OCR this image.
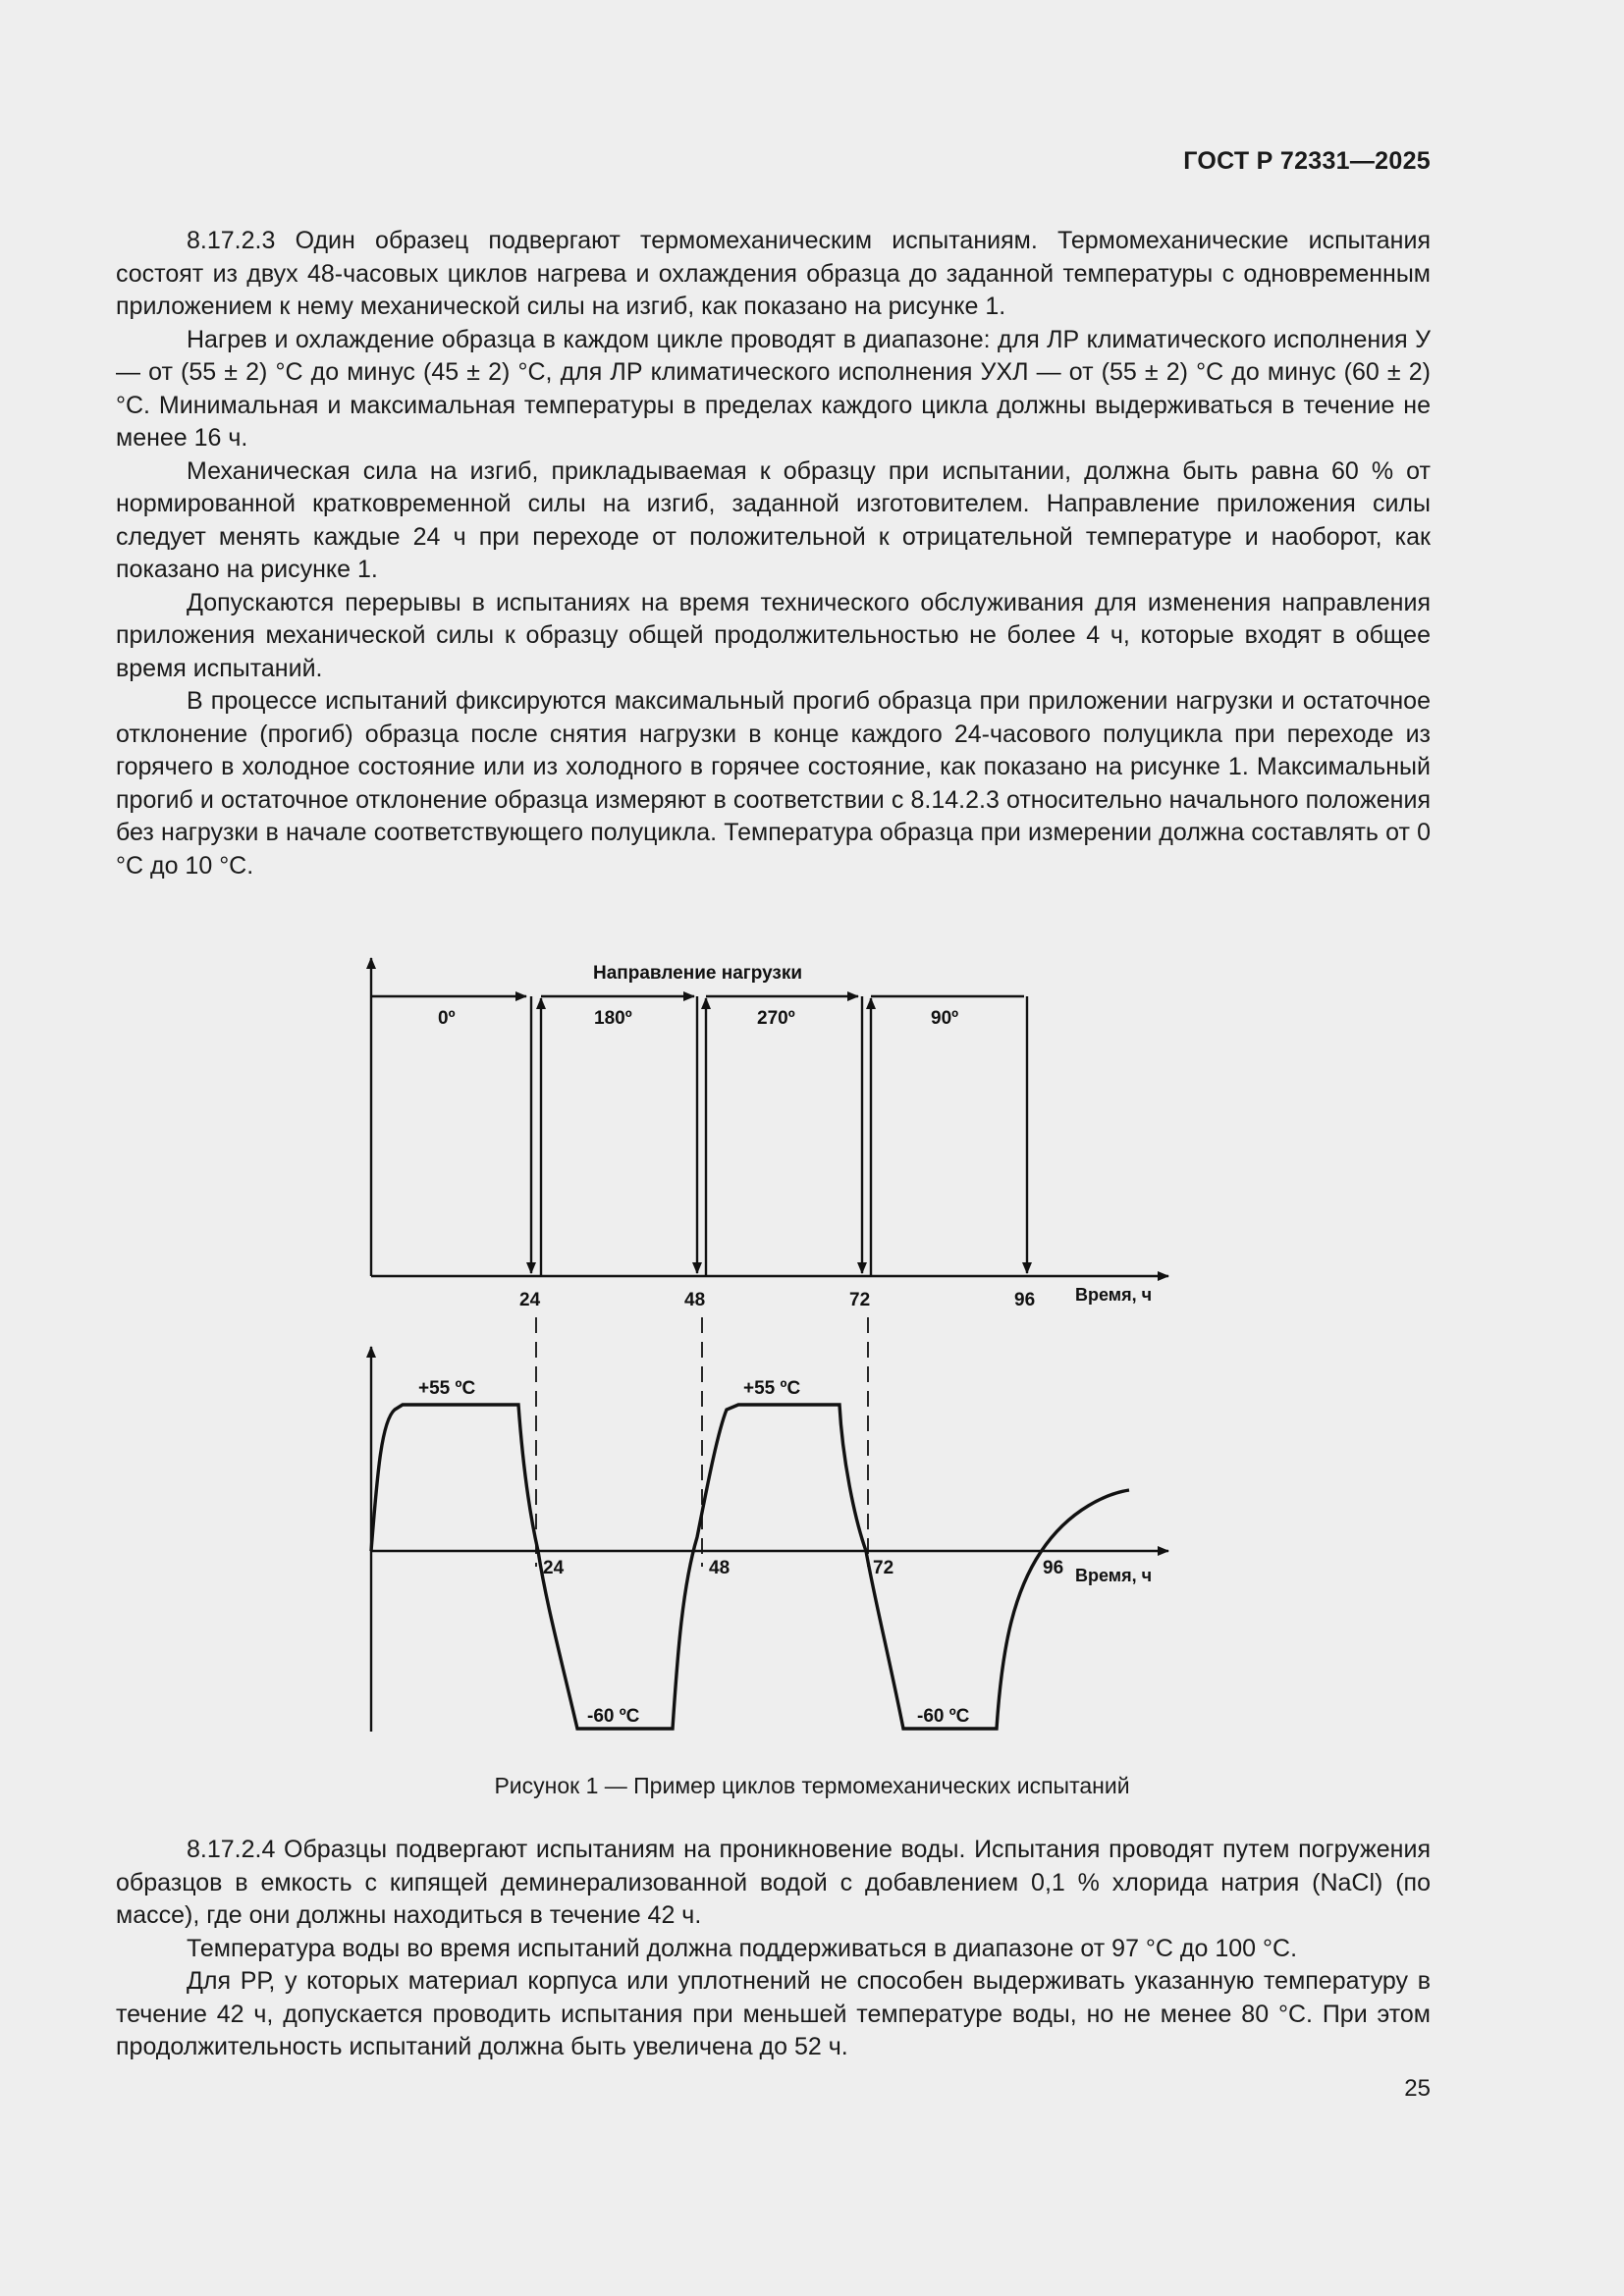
ГОСТ Р 72331—2025

8.17.2.3 Один образец подвергают термомеханическим испытаниям. Термомеханические испытания состоят из двух 48-часовых циклов нагрева и охлаждения образца до заданной температуры с одновременным приложением к нему механической силы на изгиб, как показано на рисунке 1.

Нагрев и охлаждение образца в каждом цикле проводят в диапазоне: для ЛР климатического исполнения У — от (55 ± 2) °С до минус (45 ± 2) °С, для ЛР климатического исполнения УХЛ — от (55 ± 2) °С до минус (60 ± 2) °С. Минимальная и максимальная температуры в пределах каждого цикла должны выдерживаться в течение не менее 16 ч.

Механическая сила на изгиб, прикладываемая к образцу при испытании, должна быть равна 60 % от нормированной кратковременной силы на изгиб, заданной изготовителем. Направление приложения силы следует менять каждые 24 ч при переходе от положительной к отрицательной температуре и наоборот, как показано на рисунке 1.

Допускаются перерывы в испытаниях на время технического обслуживания для изменения направления приложения механической силы к образцу общей продолжительностью не более 4 ч, которые входят в общее время испытаний.

В процессе испытаний фиксируются максимальный прогиб образца при приложении нагрузки и остаточное отклонение (прогиб) образца после снятия нагрузки в конце каждого 24-часового полуцикла при переходе из горячего в холодное состояние или из холодного в горячее состояние, как показано на рисунке 1. Максимальный прогиб и остаточное отклонение образца измеряют в соответствии с 8.14.2.3 относительно начального положения без нагрузки в начале соответствующего полуцикла. Температура образца при измерении должна составлять от 0 °С до 10 °С.

Направление нагрузки
0º	180º	270º	90º
24	48	72	96 Время, ч
+55 ºС	+55 ºС
-60 ºС	-60 ºС
24	48	72	96 Время, ч
Рисунок 1 — Пример циклов термомеханических испытаний

8.17.2.4 Образцы подвергают испытаниям на проникновение воды. Испытания проводят путем погружения образцов в емкость с кипящей деминерализованной водой с добавлением 0,1 % хлорида натрия (NaCl) (по массе), где они должны находиться в течение 42 ч.

Температура воды во время испытаний должна поддерживаться в диапазоне от 97 °С до 100 °С.

Для РР, у которых материал корпуса или уплотнений не способен выдерживать указанную температуру в течение 42 ч, допускается проводить испытания при меньшей температуре воды, но не менее 80 °С. При этом продолжительность испытаний должна быть увеличена до 52 ч.

25
